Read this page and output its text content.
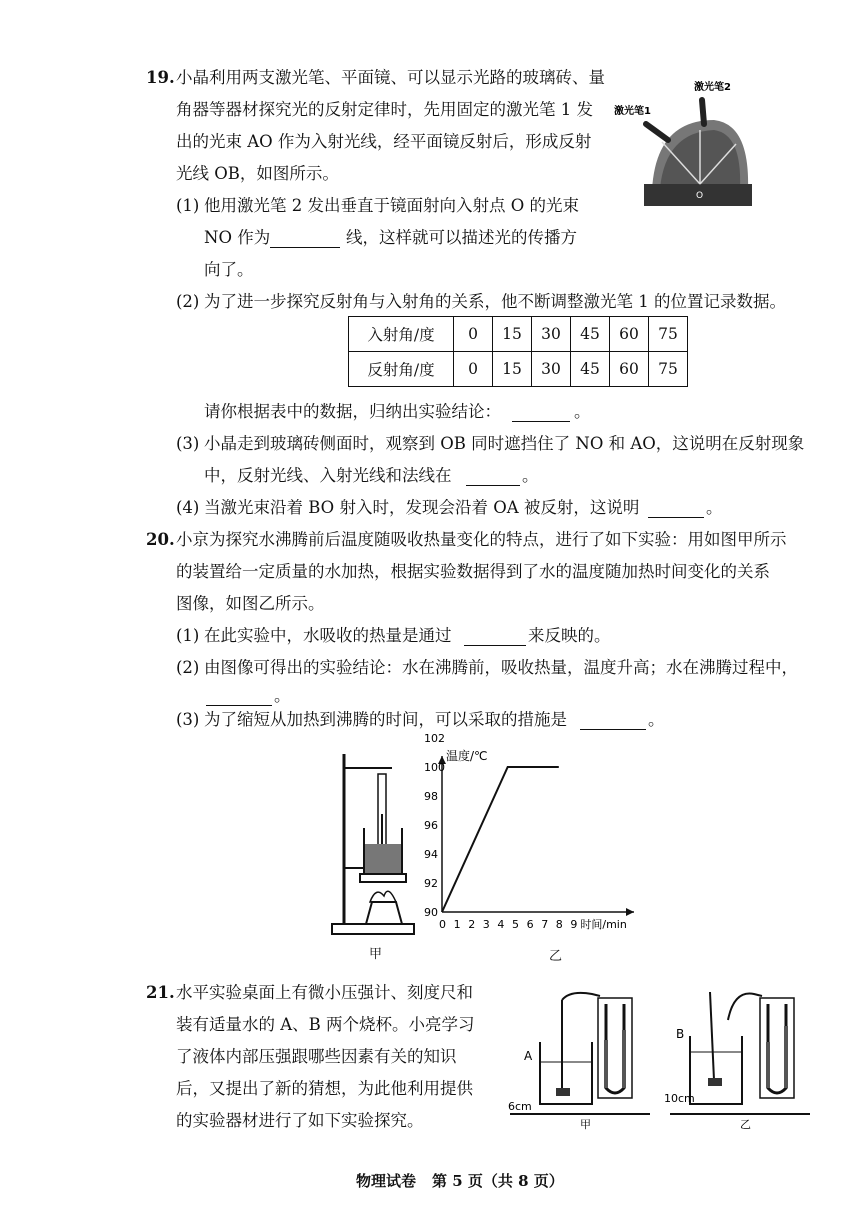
19. 小晶利用两支激光笔、平面镜、可以显示光路的玻璃砖、量
角器等器材探究光的反射定律时，先用固定的激光笔 1 发
出的光束 AO 作为入射光线，经平面镜反射后，形成反射
光线 OB，如图所示。
激光笔2
激光笔1
O
(1) 他用激光笔 2 发出垂直于镜面射向入射点 O 的光束
NO 作为	线，这样就可以描述光的传播方
向了。
(2) 为了进一步探究反射角与入射角的关系，他不断调整激光笔 1 的位置记录数据。
入射角/度	0	15	30	45	60	75
反射角/度	0	15	30	45	60	75
请你根据表中的数据，归纳出实验结论：	。
(3) 小晶走到玻璃砖侧面时，观察到 OB 同时遮挡住了 NO 和 AO，这说明在反射现象
中，反射光线、入射光线和法线在	。
(4) 当激光束沿着 BO 射入时，发现会沿着 OA 被反射，这说明	。
20. 小京为探究水沸腾前后温度随吸收热量变化的特点，进行了如下实验：用如图甲所示
的装置给一定质量的水加热，根据实验数据得到了水的温度随加热时间变化的关系
图像，如图乙所示。
(1) 在此实验中，水吸收的热量是通过	来反映的。
(2) 由图像可得出的实验结论：水在沸腾前，吸收热量，温度升高；水在沸腾过程中，
。
(3) 为了缩短从加热到沸腾的时间，可以采取的措施是	。
甲
温度/℃
时间/min
0 1 2 3 4 5 6 7 8 9
90
92
94
96
98
100
102
乙
21. 水平实验桌面上有微小压强计、刻度尺和
装有适量水的 A、B 两个烧杯。小亮学习
了液体内部压强跟哪些因素有关的知识
后，又提出了新的猜想，为此他利用提供
的实验器材进行了如下实验探究。
A
6cm
甲
B
10cm
乙
物理试卷 第 5 页（共 8 页）
